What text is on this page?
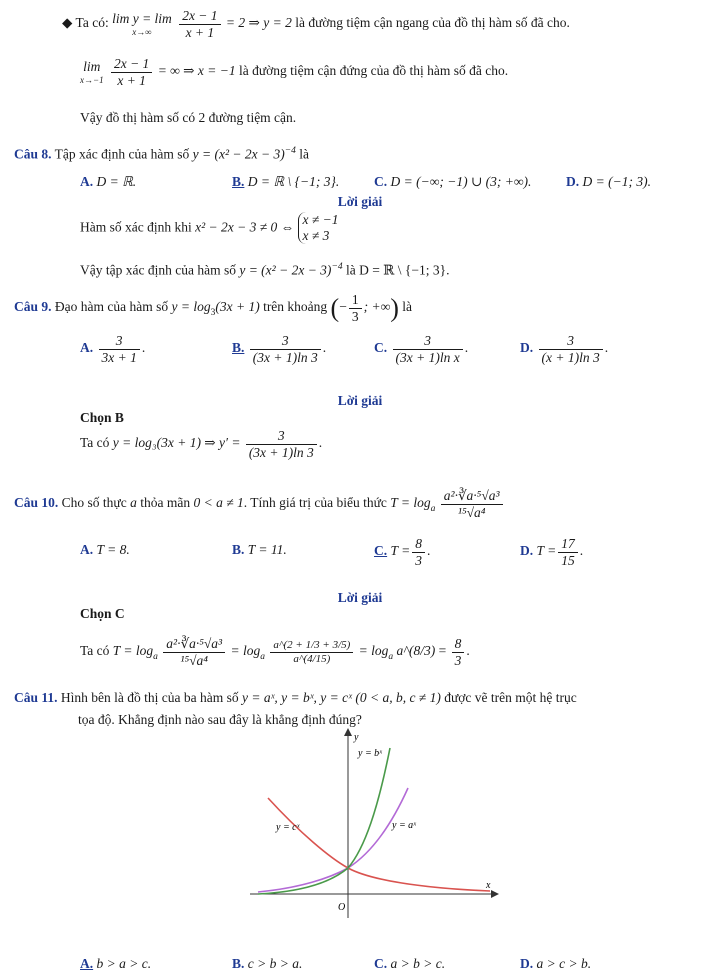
◆ Ta có: lim y = lim
x→∞
	$\frac{2x - 1}{x + 1} = 2$ ⇒ y = 2 là đường tiệm cận ngang của đồ thị hàm số đã cho.
lim
x→−1
$\frac{2x - 1}{x + 1}$ = ∞ ⇒ x = −1 là đường tiệm cận đứng của đồ thị hàm số đã cho.
Vậy đồ thị hàm số có 2 đường tiệm cận.
Câu 8. Tập xác định của hàm số $y = (x^2 - 2x - 3)^{-4}$ là
A. D = ℝ.	B. D = ℝ \ {−1; 3}.	C. D = (−∞; −1) ∪ (3; +∞).	D. D = (−1; 3).
Lời giải
Hàm số xác định khi x² − 2x − 3 ≠ 0 ⇔ x ≠ −1
x ≠ 3
Vậy tập xác định của hàm số $y = (x^2 - 2x - 3)^{-4}$ là D = ℝ \ {−1; 3}.
Câu 9. Đạo hàm của hàm số $y = \log_3(3x + 1)$ trên khoảng (− $\frac{1}{3}$ ; +∞) là
A. $\frac{3}{3x + 1}$ .	B. $\frac{3}{(3x + 1)\ln 3}$ .	C. $\frac{3}{\text{(3x + 1)ln x}}$ .	D. $\frac{3}{(x + 1)\ln 3}$ .
Lời giải
Chọn B
Ta có y = log₃(3x + 1) ⇒ $y' = \frac{3}{(3x + 1)\ln 3}$ .
Câu 10. Cho số thực a thỏa mãn 0 < a ≠ 1. Tính giá trị của biểu thức $T = \log_a \frac{\text{a²·∛a·⁵√a³}}{\text{¹⁵√a⁴}}$
A. T = 8.	B. T = 11.	C. $T = \frac{8}{3}$ .	D. $T = \frac{17}{15}$ .
Lời giải
Chọn C
Ta có $T = \log_a \frac{\text{a²·∛a·⁵√a³}}{\text{¹⁵√a⁴}} = \log_a \frac{a\^{}(2 + 1/3 + 3/5)}{a\^{}(4/15)} = \log_a$ a^(8/3) = $\frac{8}{3}$ .
Câu 11. Hình bên là đồ thị của ba hàm số y = aˣ, y = bˣ, y = cˣ (0 < a, b, c ≠ 1) được vẽ trên một hệ trục
tọa độ. Khẳng định nào sau đây là khẳng định đúng?
y
x
O
y = bˣ
y = cˣ	y = aˣ
A. b > a > c.	B. c > b > a.	C. a > b > c.	D. a > c > b.
